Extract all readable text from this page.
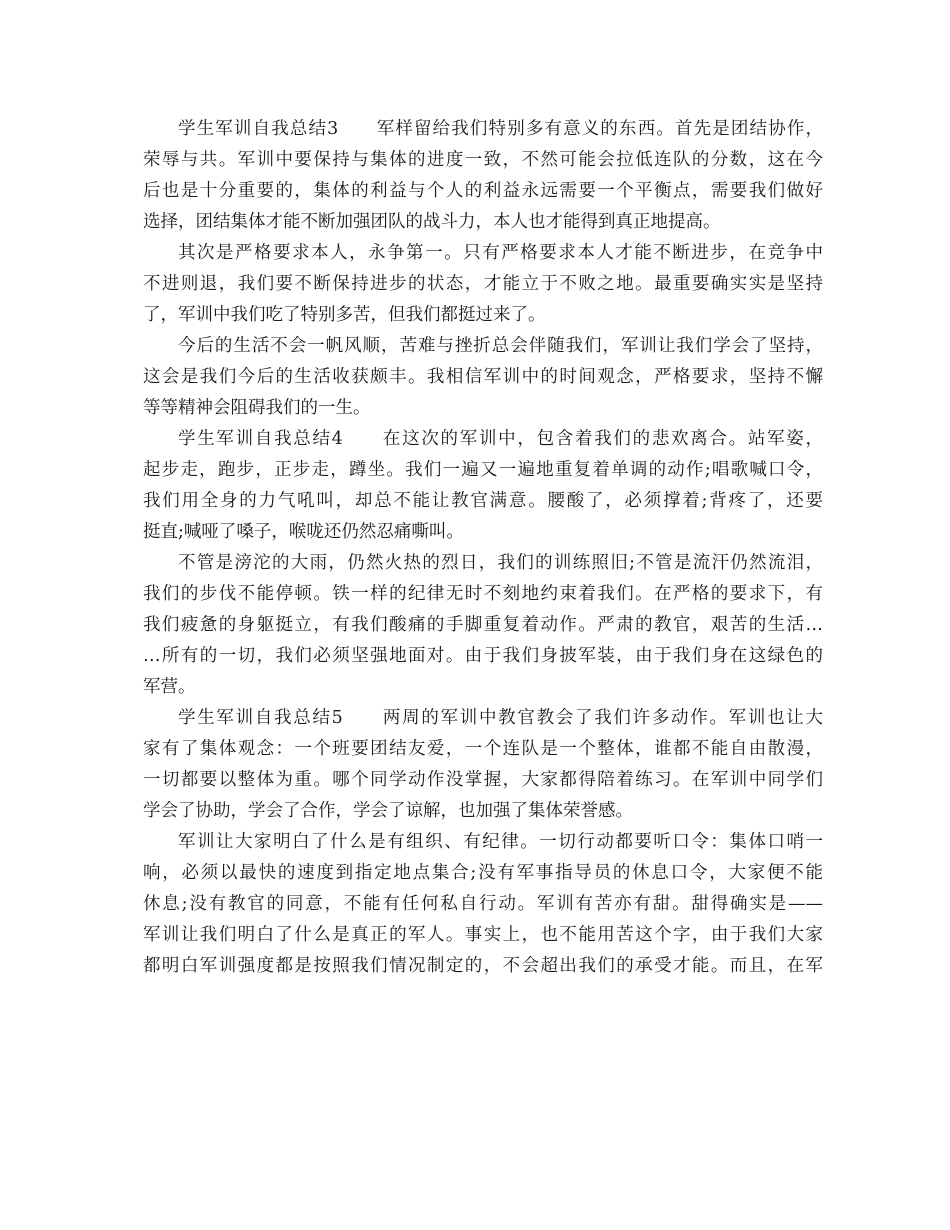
学生军训自我总结3　　军样留给我们特别多有意义的东西。首先是团结协作，
荣辱与共。军训中要保持与集体的进度一致，不然可能会拉低连队的分数，这在今
后也是十分重要的，集体的利益与个人的利益永远需要一个平衡点，需要我们做好
选择，团结集体才能不断加强团队的战斗力，本人也才能得到真正地提高。
其次是严格要求本人，永争第一。只有严格要求本人才能不断进步，在竞争中
不进则退，我们要不断保持进步的状态，才能立于不败之地。最重要确实实是坚持
了，军训中我们吃了特别多苦，但我们都挺过来了。
今后的生活不会一帆风顺，苦难与挫折总会伴随我们，军训让我们学会了坚持，
这会是我们今后的生活收获颇丰。我相信军训中的时间观念，严格要求，坚持不懈
等等精神会阻碍我们的一生。
学生军训自我总结4　　在这次的军训中，包含着我们的悲欢离合。站军姿，
起步走，跑步，正步走，蹲坐。我们一遍又一遍地重复着单调的动作;唱歌喊口令，
我们用全身的力气吼叫，却总不能让教官满意。腰酸了，必须撑着;背疼了，还要
挺直;喊哑了嗓子，喉咙还仍然忍痛嘶叫。
不管是滂沱的大雨，仍然火热的烈日，我们的训练照旧;不管是流汗仍然流泪，
我们的步伐不能停顿。铁一样的纪律无时不刻地约束着我们。在严格的要求下，有
我们疲惫的身躯挺立，有我们酸痛的手脚重复着动作。严肃的教官，艰苦的生活…
…所有的一切，我们必须坚强地面对。由于我们身披军装，由于我们身在这绿色的
军营。
学生军训自我总结5　　两周的军训中教官教会了我们许多动作。军训也让大
家有了集体观念：一个班要团结友爱，一个连队是一个整体，谁都不能自由散漫，
一切都要以整体为重。哪个同学动作没掌握，大家都得陪着练习。在军训中同学们
学会了协助，学会了合作，学会了谅解，也加强了集体荣誉感。
军训让大家明白了什么是有组织、有纪律。一切行动都要听口令：集体口哨一
响，必须以最快的速度到指定地点集合;没有军事指导员的休息口令，大家便不能
休息;没有教官的同意，不能有任何私自行动。军训有苦亦有甜。甜得确实是——
军训让我们明白了什么是真正的军人。事实上，也不能用苦这个字，由于我们大家
都明白军训强度都是按照我们情况制定的，不会超出我们的承受才能。而且，在军
